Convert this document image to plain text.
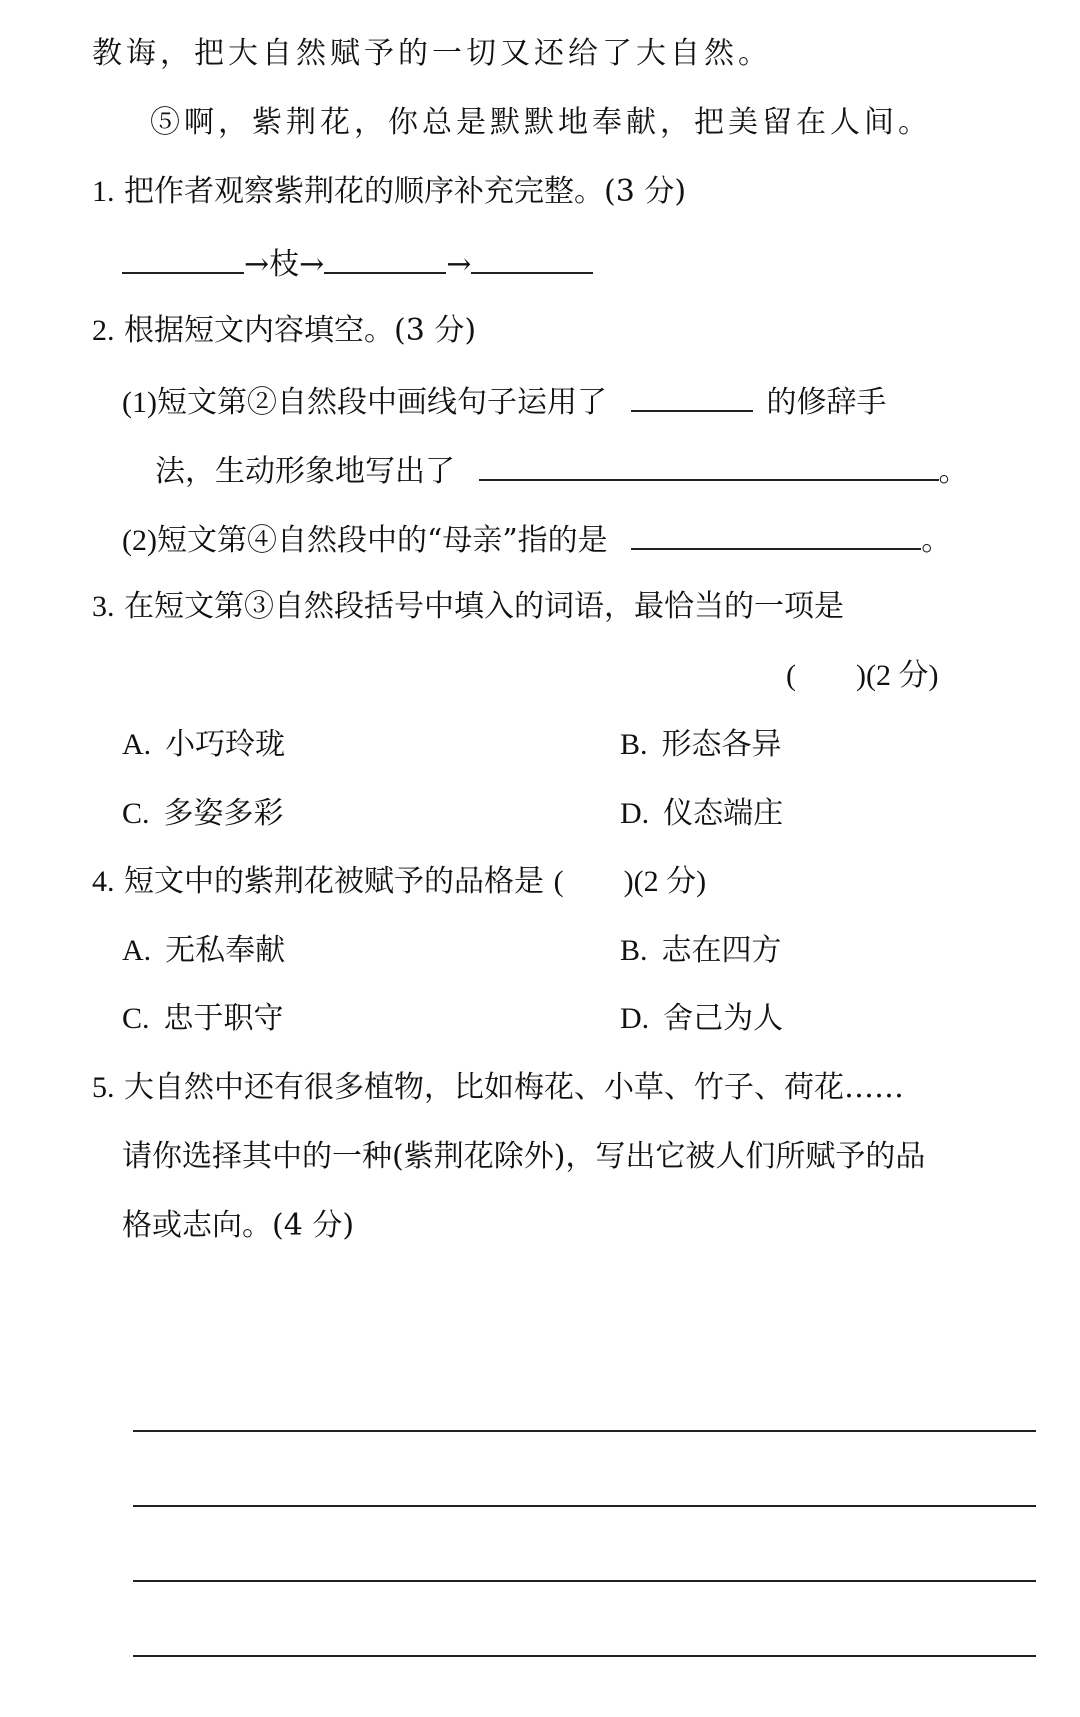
教诲，把大自然赋予的一切又还给了大自然。
⑤啊，紫荆花，你总是默默地奉献，把美留在人间。
1. 把作者观察紫荆花的顺序补充完整。(3 分)
→枝→	→
2. 根据短文内容填空。(3 分)
(1)短文第②自然段中画线句子运用了	的修辞手
法，生动形象地写出了	。
(2)短文第④自然段中的“母亲”指的是	。
3. 在短文第③自然段括号中填入的词语，最恰当的一项是
( )(2 分)
A. 小巧玲珑	B. 形态各异
C. 多姿多彩	D. 仪态端庄
4. 短文中的紫荆花被赋予的品格是 ( )(2 分)
A. 无私奉献	B. 志在四方
C. 忠于职守	D. 舍己为人
5. 大自然中还有很多植物，比如梅花、小草、竹子、荷花……
请你选择其中的一种(紫荆花除外)，写出它被人们所赋予的品
格或志向。(4 分)
